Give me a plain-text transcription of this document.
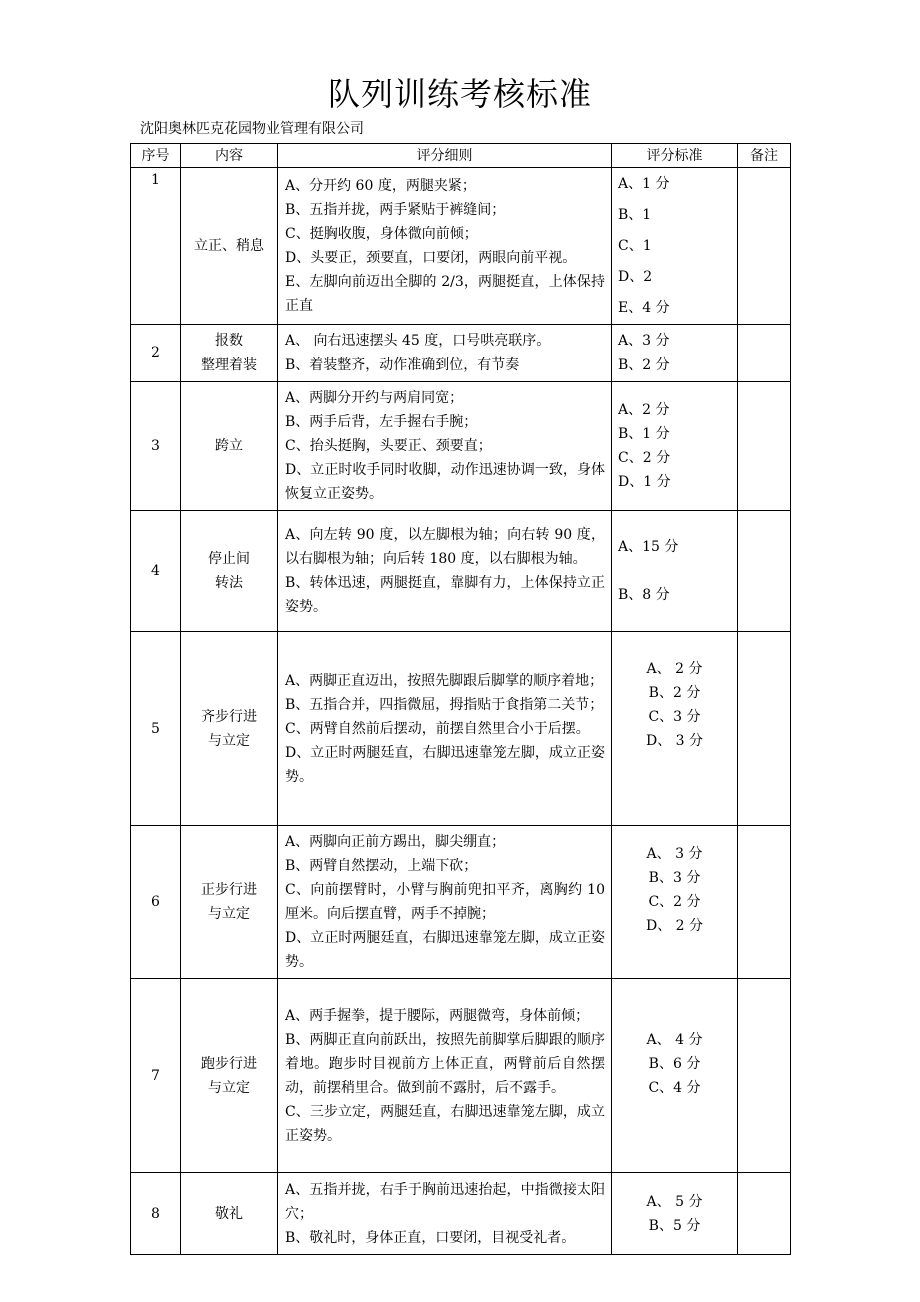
队列训练考核标准
沈阳奥林匹克花园物业管理有限公司
序号	内容	评分细则	评分标准	备注
1	立正、稍息	A、分开约 60 度，两腿夹紧；
B、五指并拢，两手紧贴于裤缝间；
C、挺胸收腹，身体微向前倾；
D、头要正，颈要直，口要闭，两眼向前平视。
E、左脚向前迈出全脚的 2/3，两腿挺直，上体保持正直	A、1 分
B、1
C、1
D、2
E、4 分	

2	报数
整理着装	A、 向右迅速摆头 45 度，口号哄亮联序。
B、着装整齐，动作准确到位，有节奏	A、3 分
B、2 分	

3	跨立	A、两脚分开约与两肩同宽；
B、两手后背，左手握右手腕；
C、抬头挺胸，头要正、颈要直；
D、立正时收手同时收脚，动作迅速协调一致，身体恢复立正姿势。	A、2 分
B、1 分
C、2 分
D、1 分	

4	停止间
转法	A、向左转 90 度，以左脚根为轴；向右转 90 度，以右脚根为轴；向后转 180 度，以右脚根为轴。
B、转体迅速，两腿挺直，靠脚有力，上体保持立正姿势。	A、15 分
B、8 分	

5	齐步行进
与立定	A、两脚正直迈出，按照先脚跟后脚掌的顺序着地；
B、五指合并，四指微屈，拇指贴于食指第二关节；
C、两臂自然前后摆动，前摆自然里合小于后摆。
D、立正时两腿廷直，右脚迅速靠笼左脚，成立正姿势。	A、 2 分
B、2 分
C、3 分
D、 3 分	

6	正步行进
与立定	A、两脚向正前方踢出，脚尖绷直；
B、两臂自然摆动，上端下砍；
C、向前摆臂时，小臂与胸前兜扣平齐，离胸约 10 厘米。向后摆直臂，两手不掉腕；
D、立正时两腿廷直，右脚迅速靠笼左脚，成立正姿势。	A、 3 分
B、3 分
C、2 分
D、 2 分	

7	跑步行进
与立定	A、两手握拳，提于腰际，两腿微弯，身体前倾；
B、两脚正直向前跃出，按照先前脚掌后脚跟的顺序着地。跑步时目视前方上体正直，两臂前后自然摆动，前摆稍里合。做到前不露肘，后不露手。
C、三步立定，两腿廷直，右脚迅速靠笼左脚，成立正姿势。	A、 4 分
B、6 分
C、4 分	

8	敬礼	A、五指并拢，右手于胸前迅速抬起，中指微接太阳穴；
B、敬礼时，身体正直，口要闭，目视受礼者。	A、 5 分
B、5 分	
